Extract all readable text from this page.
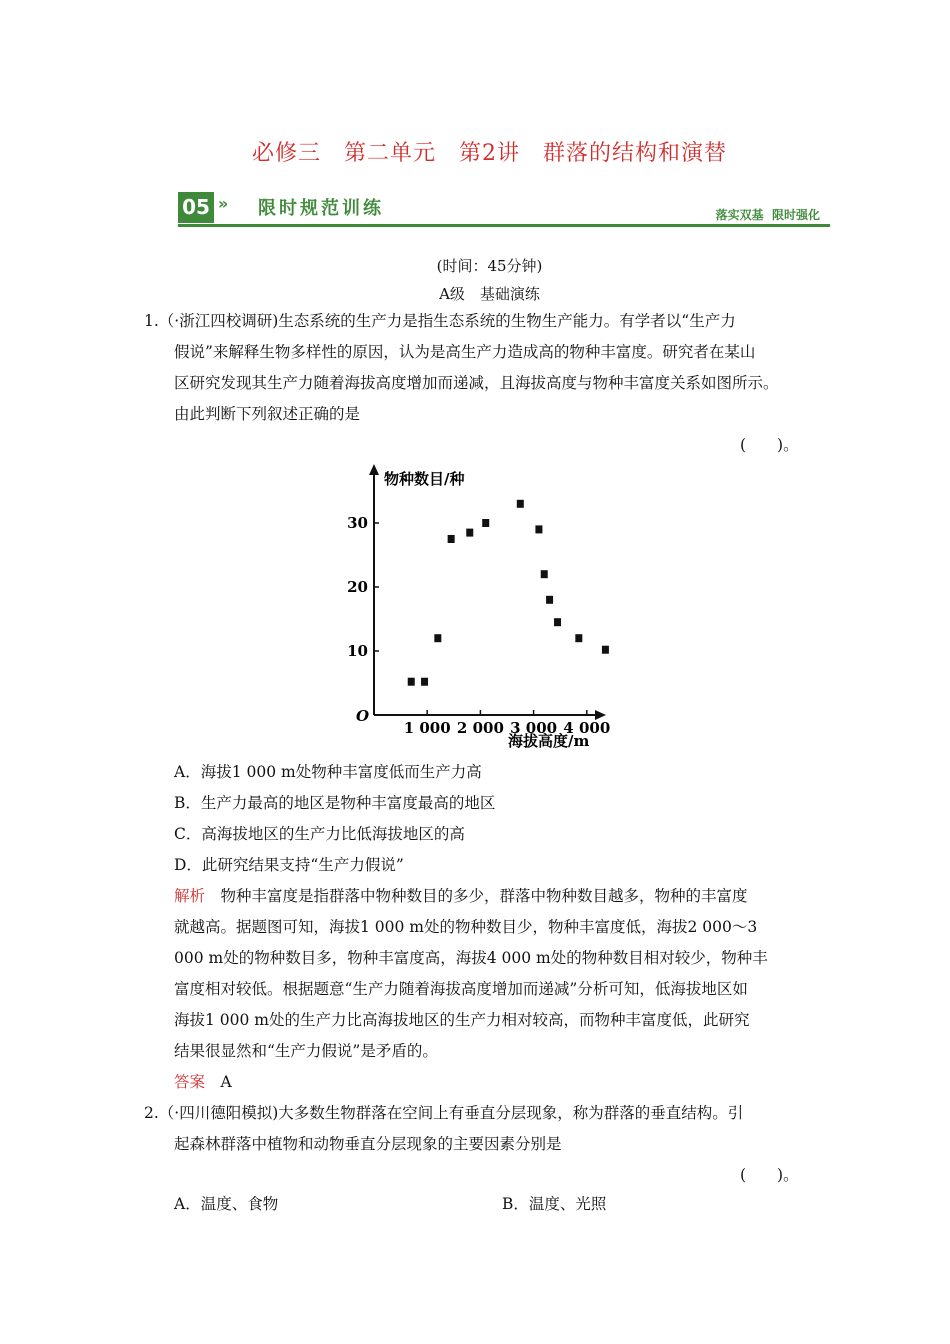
必修三　第二单元　第2讲　群落的结构和演替
05 » 限时规范训练	落实双基  限时强化
(时间：45分钟)
A级　基础演练
1.（·浙江四校调研)生态系统的生产力是指生态系统的生物生产能力。有学者以“生产力
假说”来解释生物多样性的原因，认为是高生产力造成高的物种丰富度。研究者在某山
区研究发现其生产力随着海拔高度增加而递减，且海拔高度与物种丰富度关系如图所示。
由此判断下列叙述正确的是
(　　)。
物种数目/种
海拔高度/m
O
10
20
30
1 000 2 000 3 000 4 000
A．海拔1 000 m处物种丰富度低而生产力高
B．生产力最高的地区是物种丰富度最高的地区
C．高海拔地区的生产力比低海拔地区的高
D．此研究结果支持“生产力假说”
解析　物种丰富度是指群落中物种数目的多少，群落中物种数目越多，物种的丰富度
就越高。据题图可知，海拔1 000 m处的物种数目少，物种丰富度低，海拔2 000～3
000 m处的物种数目多，物种丰富度高，海拔4 000 m处的物种数目相对较少，物种丰
富度相对较低。根据题意“生产力随着海拔高度增加而递减”分析可知，低海拔地区如
海拔1 000 m处的生产力比高海拔地区的生产力相对较高，而物种丰富度低，此研究
结果很显然和“生产力假说”是矛盾的。
答案　 A
2.（·四川德阳模拟)大多数生物群落在空间上有垂直分层现象，称为群落的垂直结构。引
起森林群落中植物和动物垂直分层现象的主要因素分别是
(　　)。
A．温度、食物	B．温度、光照
